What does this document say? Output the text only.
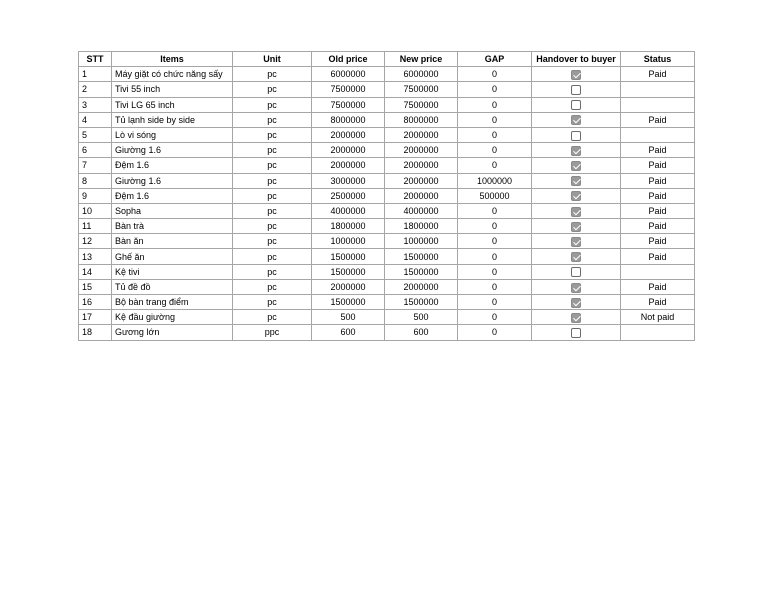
STT	Items	Unit	Old price	New price	GAP	Handover to buyer	Status
1	Máy giặt có chức năng sấy	pc	6000000	6000000	0		Paid
2	Tivi 55 inch	pc	7500000	7500000	0		
3	Tivi LG 65 inch	pc	7500000	7500000	0		
4	Tủ lạnh side by side	pc	8000000	8000000	0		Paid
5	Lò vi sóng	pc	2000000	2000000	0		
6	Giường 1.6	pc	2000000	2000000	0		Paid
7	Đệm 1.6	pc	2000000	2000000	0		Paid
8	Giường 1.6	pc	3000000	2000000	1000000		Paid
9	Đệm 1.6	pc	2500000	2000000	500000		Paid
10	Sopha	pc	4000000	4000000	0		Paid
11	Bàn trà	pc	1800000	1800000	0		Paid
12	Bàn ăn	pc	1000000	1000000	0		Paid
13	Ghế ăn	pc	1500000	1500000	0		Paid
14	Kệ tivi	pc	1500000	1500000	0		
15	Tủ đề đồ	pc	2000000	2000000	0		Paid
16	Bộ bàn trang điểm	pc	1500000	1500000	0		Paid
17	Kệ đầu giường	pc	500	500	0		Not paid
18	Gương lớn	ppc	600	600	0		
